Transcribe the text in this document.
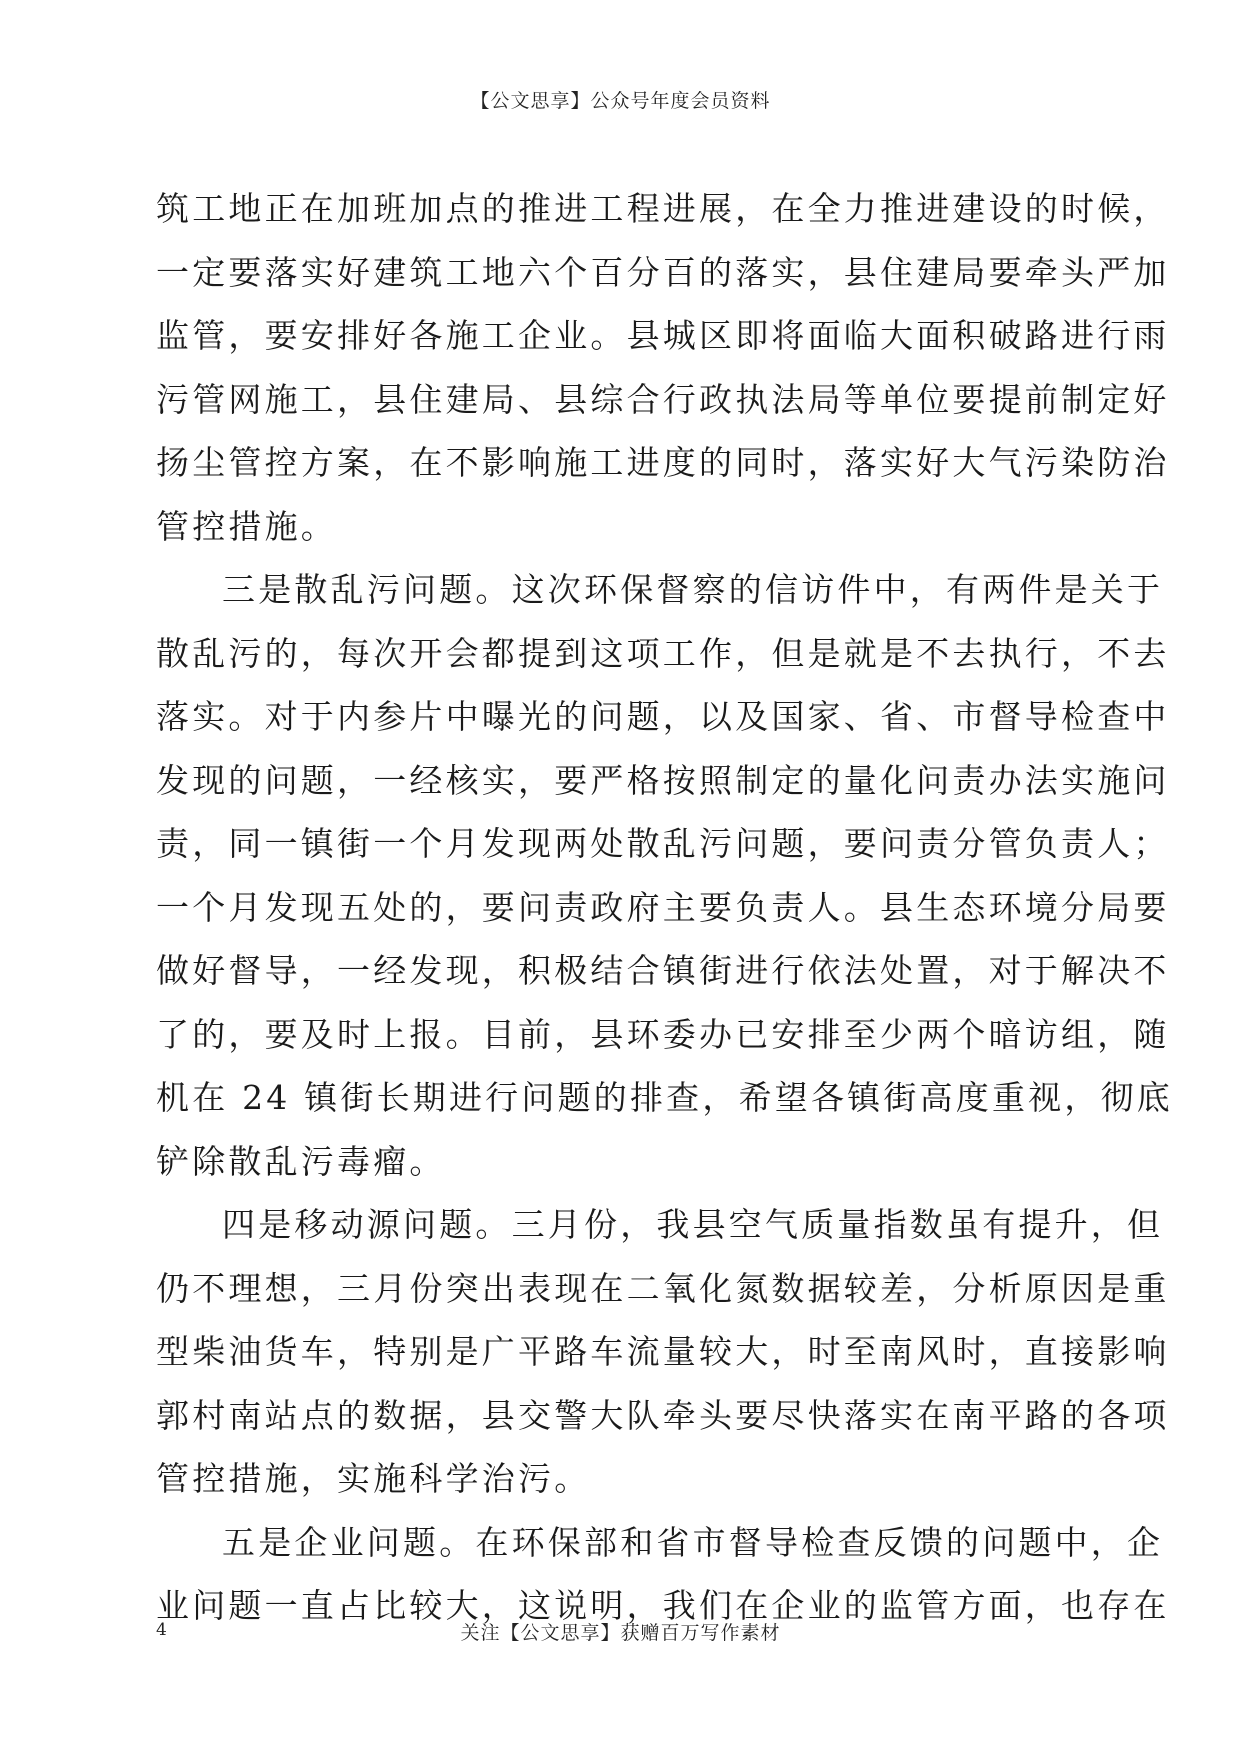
【公文思享】公众号年度会员资料
筑工地正在加班加点的推进工程进展，在全力推进建设的时候，
一定要落实好建筑工地六个百分百的落实，县住建局要牵头严加
监管，要安排好各施工企业。县城区即将面临大面积破路进行雨
污管网施工，县住建局、县综合行政执法局等单位要提前制定好
扬尘管控方案，在不影响施工进度的同时，落实好大气污染防治
管控措施。
三是散乱污问题。这次环保督察的信访件中，有两件是关于
散乱污的，每次开会都提到这项工作，但是就是不去执行，不去
落实。对于内参片中曝光的问题，以及国家、省、市督导检查中
发现的问题，一经核实，要严格按照制定的量化问责办法实施问
责，同一镇街一个月发现两处散乱污问题，要问责分管负责人；
一个月发现五处的，要问责政府主要负责人。县生态环境分局要
做好督导，一经发现，积极结合镇街进行依法处置，对于解决不
了的，要及时上报。目前，县环委办已安排至少两个暗访组，随
机在 24 镇街长期进行问题的排查，希望各镇街高度重视，彻底
铲除散乱污毒瘤。
四是移动源问题。三月份，我县空气质量指数虽有提升，但
仍不理想，三月份突出表现在二氧化氮数据较差，分析原因是重
型柴油货车，特别是广平路车流量较大，时至南风时，直接影响
郭村南站点的数据，县交警大队牵头要尽快落实在南平路的各项
管控措施，实施科学治污。
五是企业问题。在环保部和省市督导检查反馈的问题中，企
业问题一直占比较大，这说明，我们在企业的监管方面，也存在
4	关注【公文思享】获赠百万写作素材
